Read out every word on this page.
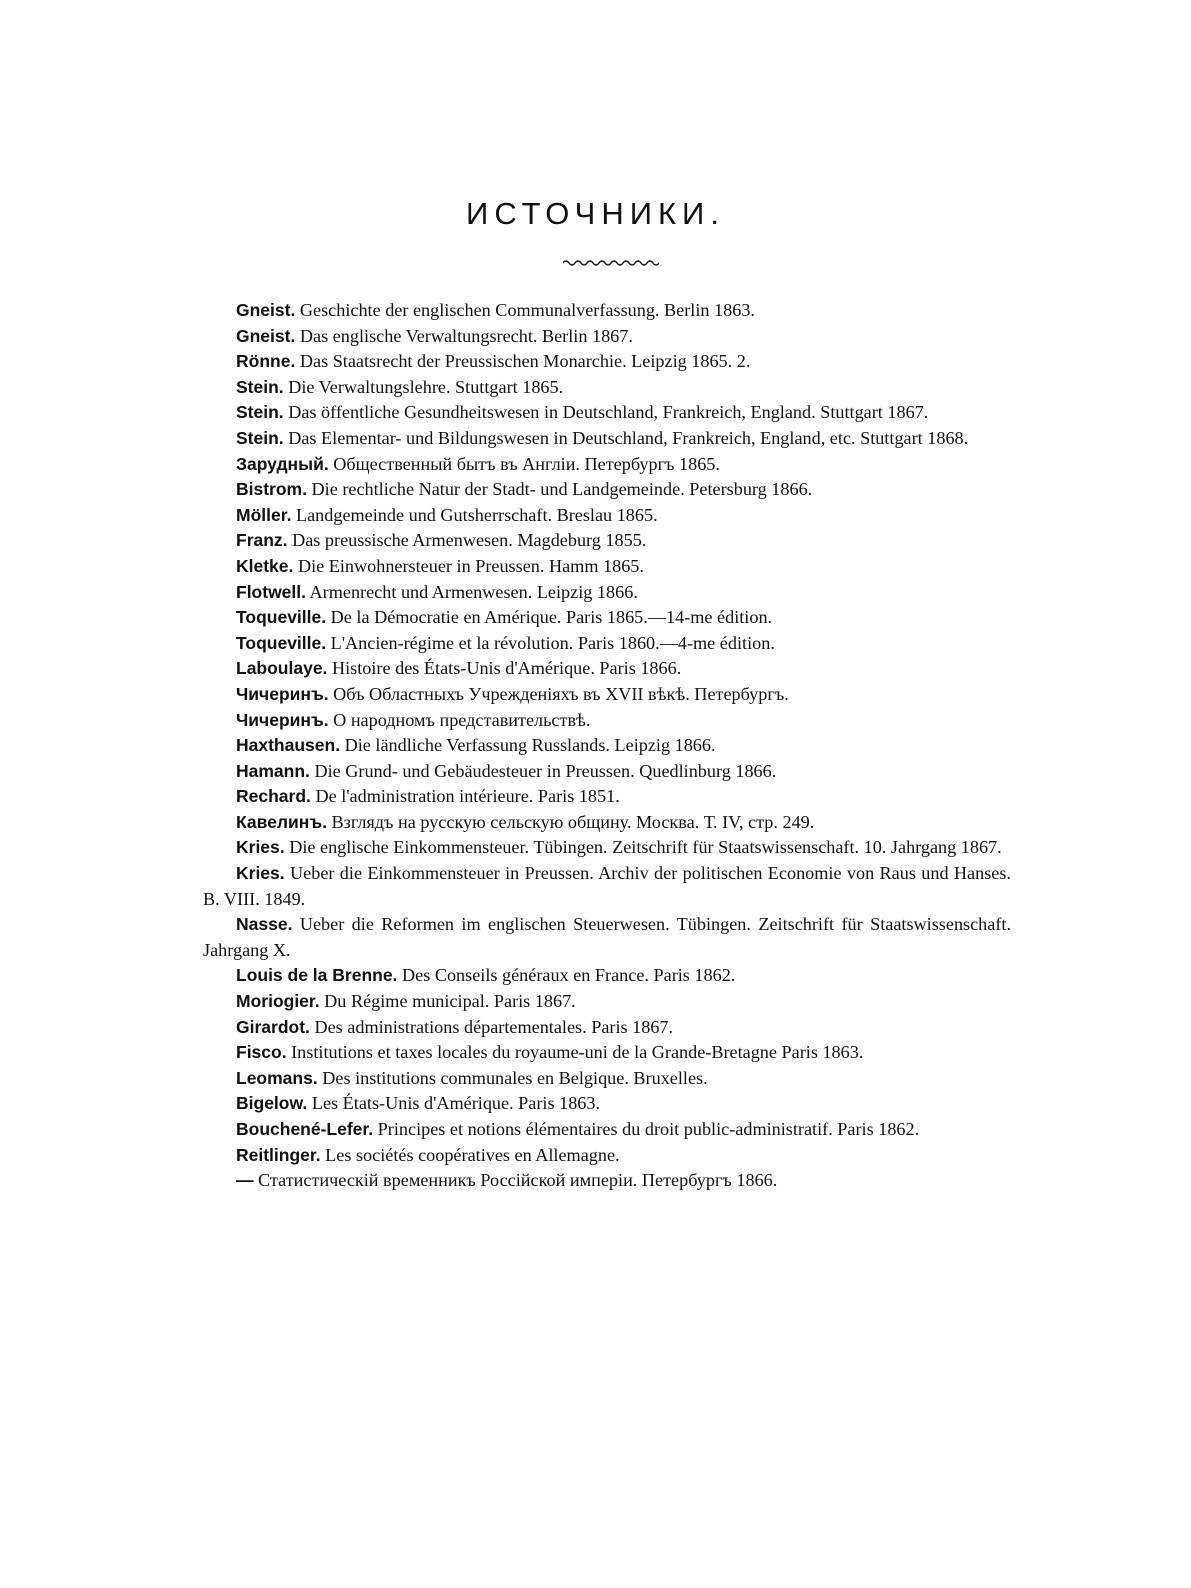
ИСТОЧНИКИ.
Gneist. Geschichte der englischen Communalverfassung. Berlin 1863.
Gneist. Das englische Verwaltungsrecht. Berlin 1867.
Rönne. Das Staatsrecht der Preussischen Monarchie. Leipzig 1865. 2.
Stein. Die Verwaltungslehre. Stuttgart 1865.
Stein. Das öffentliche Gesundheitswesen in Deutschland, Frankreich, England. Stuttgart 1867.
Stein. Das Elementar- und Bildungswesen in Deutschland, Frankreich, England, etc. Stuttgart 1868.
Зарудный. Общественный бытъ въ Англіи. Петербургъ 1865.
Bistrom. Die rechtliche Natur der Stadt- und Landgemeinde. Petersburg 1866.
Möller. Landgemeinde und Gutsherrschaft. Breslau 1865.
Franz. Das preussische Armenwesen. Magdeburg 1855.
Kletke. Die Einwohnersteuer in Preussen. Hamm 1865.
Flotwell. Armenrecht und Armenwesen. Leipzig 1866.
Toqueville. De la Démocratie en Amérique. Paris 1865.—14-me édition.
Toqueville. L'Ancien-régime et la révolution. Paris 1860.—4-me édition.
Laboulaye. Histoire des États-Unis d'Amérique. Paris 1866.
Чичеринъ. Объ Областныхъ Учрежденіяхъ въ XVII вѣкѣ. Петербургъ.
Чичеринъ. О народномъ представительствѣ.
Haxthausen. Die ländliche Verfassung Russlands. Leipzig 1866.
Hamann. Die Grund- und Gebäudesteuer in Preussen. Quedlinburg 1866.
Rechard. De l'administration intérieure. Paris 1851.
Кавелинъ. Взглядъ на русскую сельскую общину. Москва. Т. IV, стр. 249.
Kries. Die englische Einkommensteuer. Tübingen. Zeitschrift für Staatswissenschaft. 10. Jahrgang 1867.
Kries. Ueber die Einkommensteuer in Preussen. Archiv der politischen Economie von Raus und Hanses. B. VIII. 1849.
Nasse. Ueber die Reformen im englischen Steuerwesen. Tübingen. Zeitschrift für Staatswissenschaft. Jahrgang X.
Louis de la Brenne. Des Conseils généraux en France. Paris 1862.
Moriogier. Du Régime municipal. Paris 1867.
Girardot. Des administrations départementales. Paris 1867.
Fisco. Institutions et taxes locales du royaume-uni de la Grande-Bretagne Paris 1863.
Leomans. Des institutions communales en Belgique. Bruxelles.
Bigelow. Les États-Unis d'Amérique. Paris 1863.
Bouchené-Lefer. Principes et notions élémentaires du droit public-administratif. Paris 1862.
Reitlinger. Les sociétés coopératives en Allemagne.
— Статистическій временникъ Россійской имперіи. Петербургъ 1866.
